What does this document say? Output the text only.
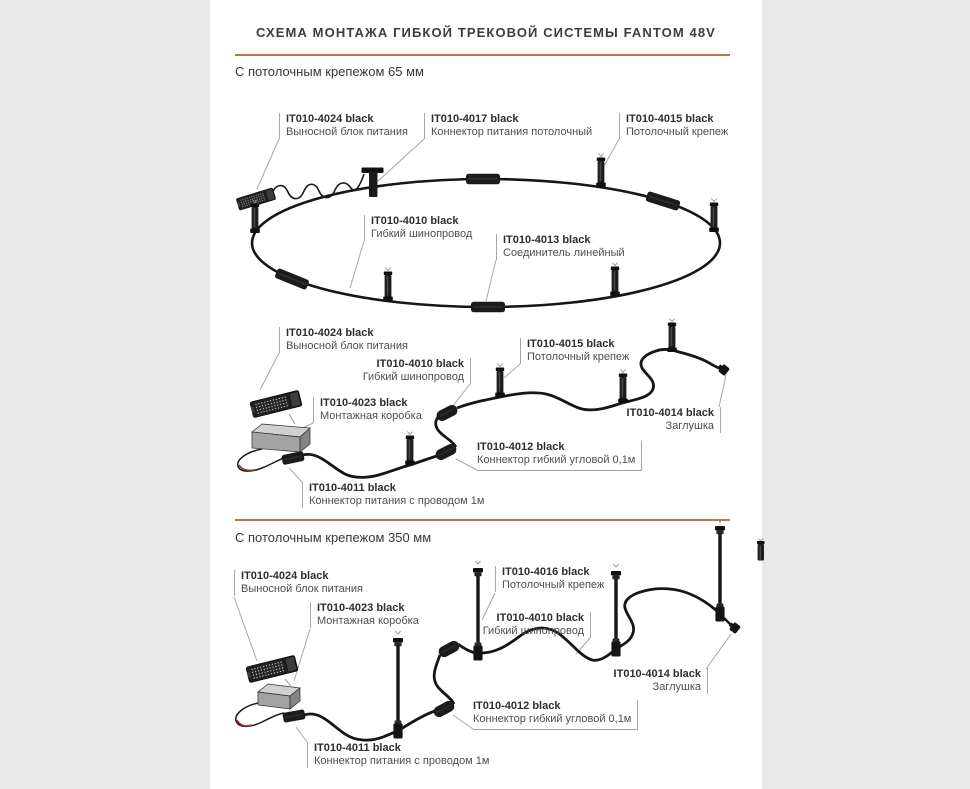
СХЕМА МОНТАЖА ГИБКОЙ ТРЕКОВОЙ СИСТЕМЫ FANTOM 48V
С потолочным крепежом 65 мм
С потолочным крепежом 350 мм
IT010-4024 black
Выносной блок питания
IT010-4017 black
Коннектор питания потолочный
IT010-4015 black
Потолочный крепеж
IT010-4010 black
Гибкий шинопровод	IT010-4013 black
Соединитель линейный
IT010-4024 black
Выносной блок питания
IT010-4010 black
Гибкий шинопровод
IT010-4023 black
Монтажная коробка
IT010-4015 black
Потолочный крепеж
IT010-4014 black
Заглушка
IT010-4012 black
Коннектор гибкий угловой 0,1м
IT010-4011 black
Коннектор питания с проводом 1м
IT010-4024 black
Выносной блок питания
IT010-4023 black
Монтажная коробка
IT010-4016 black
Потолочный крепеж
IT010-4010 black
Гибкий шинопровод
IT010-4014 black
Заглушка
IT010-4012 black
Коннектор гибкий угловой 0,1м
IT010-4011 black
Коннектор питания с проводом 1м
